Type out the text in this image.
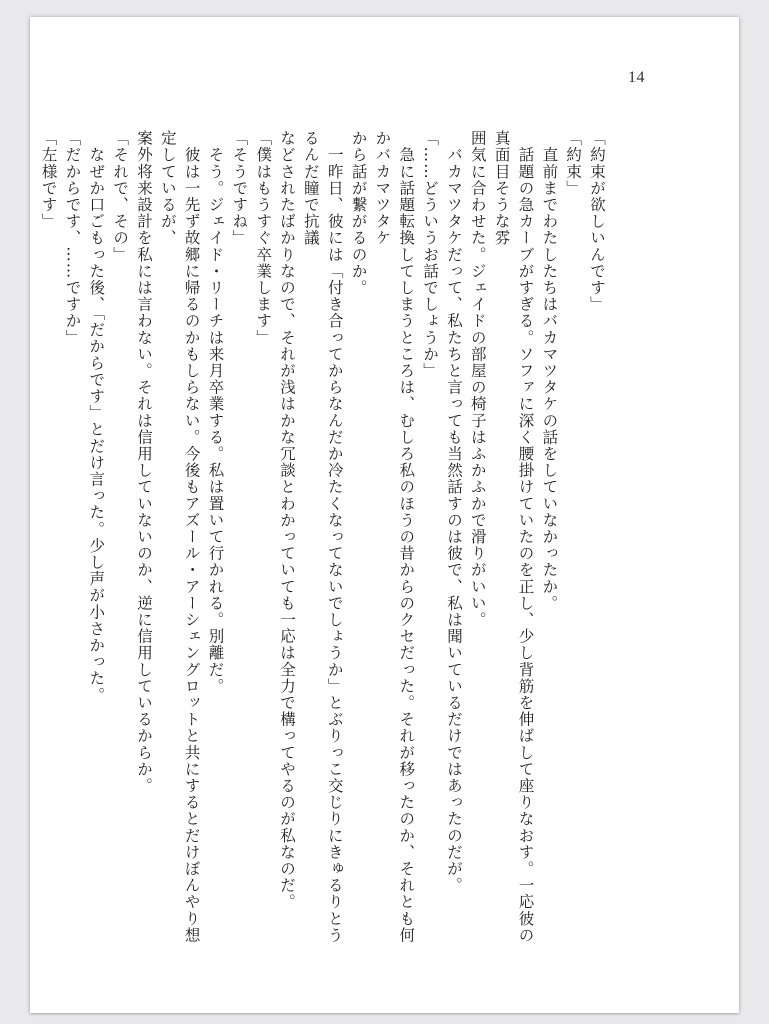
14

「約束が欲しいんです」

「約束」

　直前までわたしたちはバカマツタケの話をしていなかったか。

　話題の急カーブがすぎる。ソファに深く腰掛けていたのを正し、少し背筋を伸ばして座りなおす。一応彼の真面目そうな雰

囲気に合わせた。ジェイドの部屋の椅子はふかふかで滑りがいい。

　バカマツタケだって、私たちと言っても当然話すのは彼で、私は聞いているだけではあったのだが。

「……どういうお話でしょうか」

　急に話題転換してしまうところは、むしろ私のほうの昔からのクセだった。それが移ったのか、それとも何かバカマツタケ

から話が繋がるのか。

　一昨日、彼には「付き合ってからなんだか冷たくなってないでしょうか」とぶりっこ交じりにきゅるりとうるんだ瞳で抗議

などされたばかりなので、それが浅はかな冗談とわかっていても一応は全力で構ってやるのが私なのだ。

「僕はもうすぐ卒業します」

「そうですね」

　そう。ジェイド・リーチは来月卒業する。私は置いて行かれる。別離だ。

　彼は一先ず故郷に帰るのかもしらない。今後もアズール・アーシェングロットと共にするとだけぼんやり想定しているが、

案外将来設計を私には言わない。それは信用していないのか、逆に信用しているからか。

「それで、その」

　なぜか口ごもった後、「だからです」とだけ言った。少し声が小さかった。

「だからです、……ですか」

「左様です」
